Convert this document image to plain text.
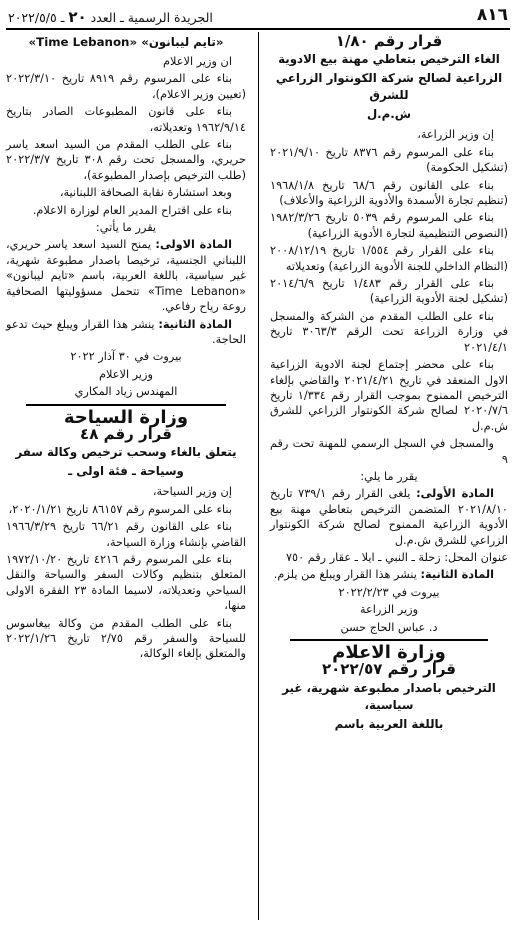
٨١٦
الجريدة الرسمية ـ العدد ٢٠ ـ ٢٠٢٢/٥/٥

قرار رقم ١/٨٠

الغاء الترخيص بتعاطي مهنة بيع الادوية

الزراعية لصالح شركة الكونتوار الزراعي للشرق

ش.م.ل

إن وزير الزراعة،

بناء على المرسوم رقم ٨٣٧٦ تاريخ ٢٠٢١/٩/١٠ (تشكيل الحكومة)

بناء على القانون رقم ٦٨/٦ تاريخ ١٩٦٨/١/٨ (تنظيم تجارة الأسمدة والأدوية الزراعية والأعلاف)

بناء على المرسوم رقم ٥٠٣٩ تاريخ ١٩٨٢/٣/٢٦ (النصوص التنظيمية لتجارة الأدوية الزراعية)

بناء على القرار رقم ١/٥٥٤ تاريخ ٢٠٠٨/١٢/١٩ (النظام الداخلي للجنة الأدوية الزراعية) وتعديلاته

بناء على القرار رقم ١/٤٨٣ تاريخ ٢٠١٤/٦/٩ (تشكيل لجنة الأدوية الزراعية)

بناء على الطلب المقدم من الشركة والمسجل في وزارة الزراعة تحت الرقم ٣٠٦٣/٣ تاريخ ٢٠٢١/٤/١

بناء على محضر إجتماع لجنة الادوية الزراعية الاول المنعقد في تاريخ ٢٠٢١/٤/٢١ والقاضي بإلغاء الترخيص الممنوح بموجب القرار رقم ١/٣٣٤ تاريخ ٢٠٢٠/٧/٦ لصالح شركة الكونتوار الزراعي للشرق ش.م.ل

والمسجل في السجل الرسمي للمهنة تحت رقم ٩

يقرر ما يلي:

المادة الأولى: يلغى القرار رقم ٧٣٩/١ تاريخ ٢٠٢١/٨/١٠ المتضمن الترخيص بتعاطي مهنة بيع الأدوية الزراعية الممنوح لصالح شركة الكونتوار الزراعي للشرق ش.م.ل

عنوان المحل: زحلة ـ النبي ـ ايلا ـ عقار رقم ٧٥٠

المادة الثانية: ينشر هذا القرار ويبلغ من يلزم.

بيروت في ٢٠٢٢/٢/٢٣

وزير الزراعة

د. عباس الحاج حسن

وزارة الاعلام

قرار رقم ٢٠٢٢/٥٧

الترخيص باصدار مطبوعة شهرية، غير سياسية،

باللغة العربية باسم

«تايم ليبانون» «Time Lebanon»

ان وزير الاعلام

بناء على المرسوم رقم ٨٩١٩ تاريخ ٢٠٢٢/٣/١٠ (تعيين وزير الاعلام)،

بناء على قانون المطبوعات الصادر بتاريخ ١٩٦٢/٩/١٤ وتعديلاته،

بناء على الطلب المقدم من السيد اسعد ياسر حريري، والمسجل تحت رقم ٣٠٨ تاريخ ٢٠٢٢/٣/٧ (طلب الترخيص بإصدار المطبوعة)،

وبعد استشارة نقابة الصحافة اللبنانية،

بناء على اقتراح المدير العام لوزارة الاعلام.

يقرر ما يأتي:

المادة الاولى: يمنح السيد اسعد ياسر حريري، اللبناني الجنسية، ترخيصا باصدار مطبوعة شهرية، غير سياسية، باللغة العربية، باسم «تايم ليبانون» «Time Lebanon» تتحمل مسؤوليتها الصحافية روعة رياح رفاعي.

المادة الثانية: ينشر هذا القرار ويبلغ حيث تدعو الحاجة.

بيروت في ٣٠ آذار ٢٠٢٢

وزير الاعلام

المهندس زياد المكاري

وزارة السياحة

قرار رقم ٤٨

يتعلق بالغاء وسحب ترخيص وكالة سفر

وسياحة ـ فئة اولى ـ

إن وزير السياحة،

بناء على المرسوم رقم ٨٦١٥٧ تاريخ ٢٠٢٠/١/٢١،

بناء على القانون رقم ٦٦/٢١ تاريخ ١٩٦٦/٣/٢٩ القاضي بإنشاء وزارة السياحة،

بناء على المرسوم رقم ٤٢١٦ تاريخ ١٩٧٢/١٠/٢٠ المتعلق بتنظيم وكالات السفر والسياحة والنقل السياحي وتعديلاته، لاسيما المادة ٢٣ الفقرة الاولى منها،

بناء على الطلب المقدم من وكالة بيغاسوس للسياحة والسفر رقم ٢/٧٥ تاريخ ٢٠٢٢/١/٢٦ والمتعلق بإلغاء الوكالة،
